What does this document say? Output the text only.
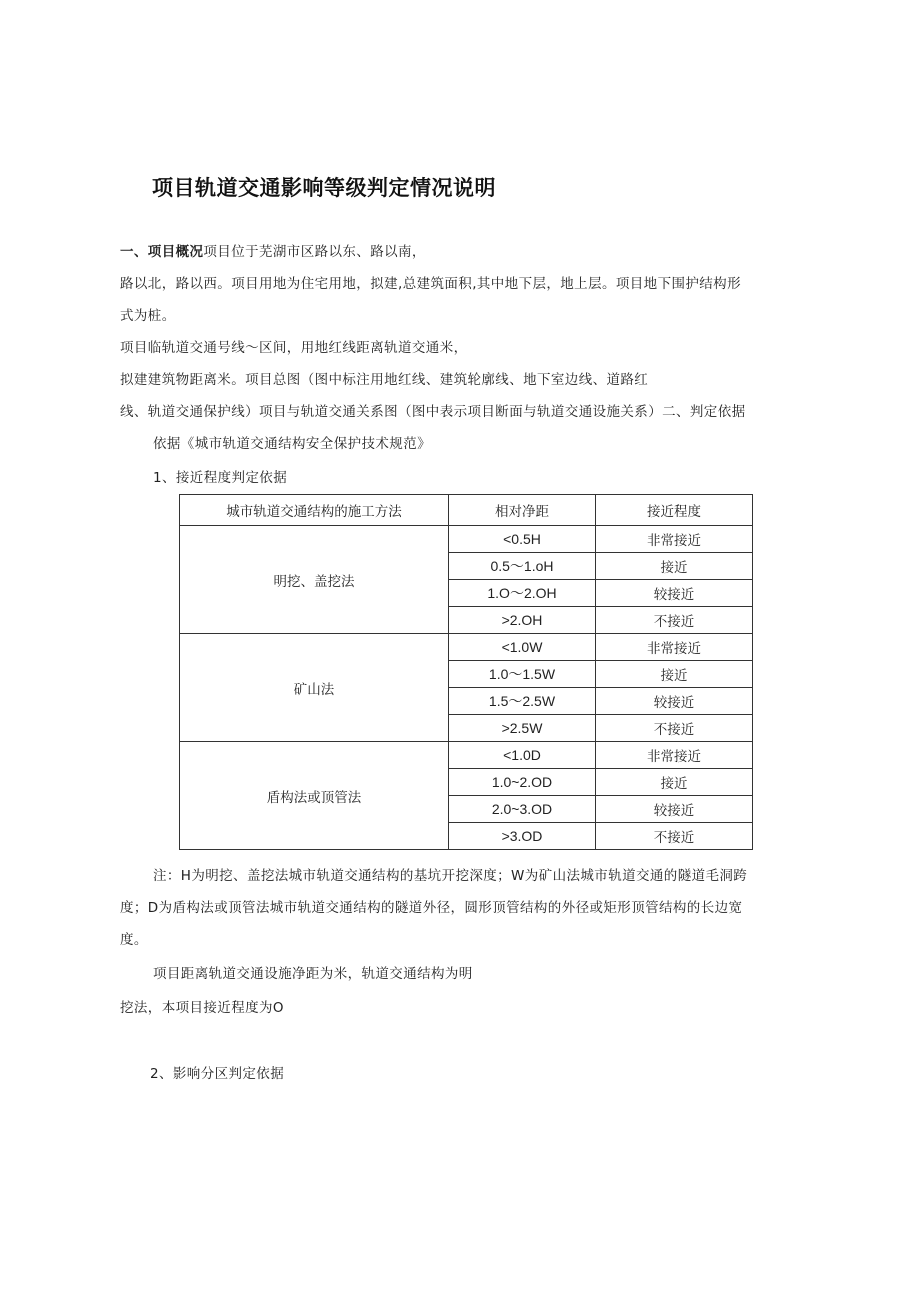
项目轨道交通影响等级判定情况说明
一、项目概况项目位于芜湖市区路以东、路以南，
路以北，路以西。项目用地为住宅用地，拟建,总建筑面积,其中地下层，地上层。项目地下围护结构形
式为桩。
项目临轨道交通号线～区间，用地红线距离轨道交通米，
拟建建筑物距离米。项目总图（图中标注用地红线、建筑轮廓线、地下室边线、道路红
线、轨道交通保护线）项目与轨道交通关系图（图中表示项目断面与轨道交通设施关系）二、判定依据
依据《城市轨道交通结构安全保护技术规范》
1、接近程度判定依据
城市轨道交通结构的施工方法	相对净距	接近程度
明挖、盖挖法	<0.5H	非常接近
	0.5～1.oH	接近
	1.O～2.OH	较接近
	>2.OH	不接近
矿山法	<1.0W	非常接近
	1.0～1.5W	接近
	1.5～2.5W	较接近
	>2.5W	不接近
盾构法或顶管法	<1.0D	非常接近
	1.0~2.OD	接近
	2.0~3.OD	较接近
	>3.OD	不接近
注：H为明挖、盖挖法城市轨道交通结构的基坑开挖深度；W为矿山法城市轨道交通的隧道毛洞跨
度；D为盾构法或顶管法城市轨道交通结构的隧道外径，圆形顶管结构的外径或矩形顶管结构的长边宽
度。
项目距离轨道交通设施净距为米，轨道交通结构为明
挖法，本项目接近程度为O
2、影响分区判定依据
